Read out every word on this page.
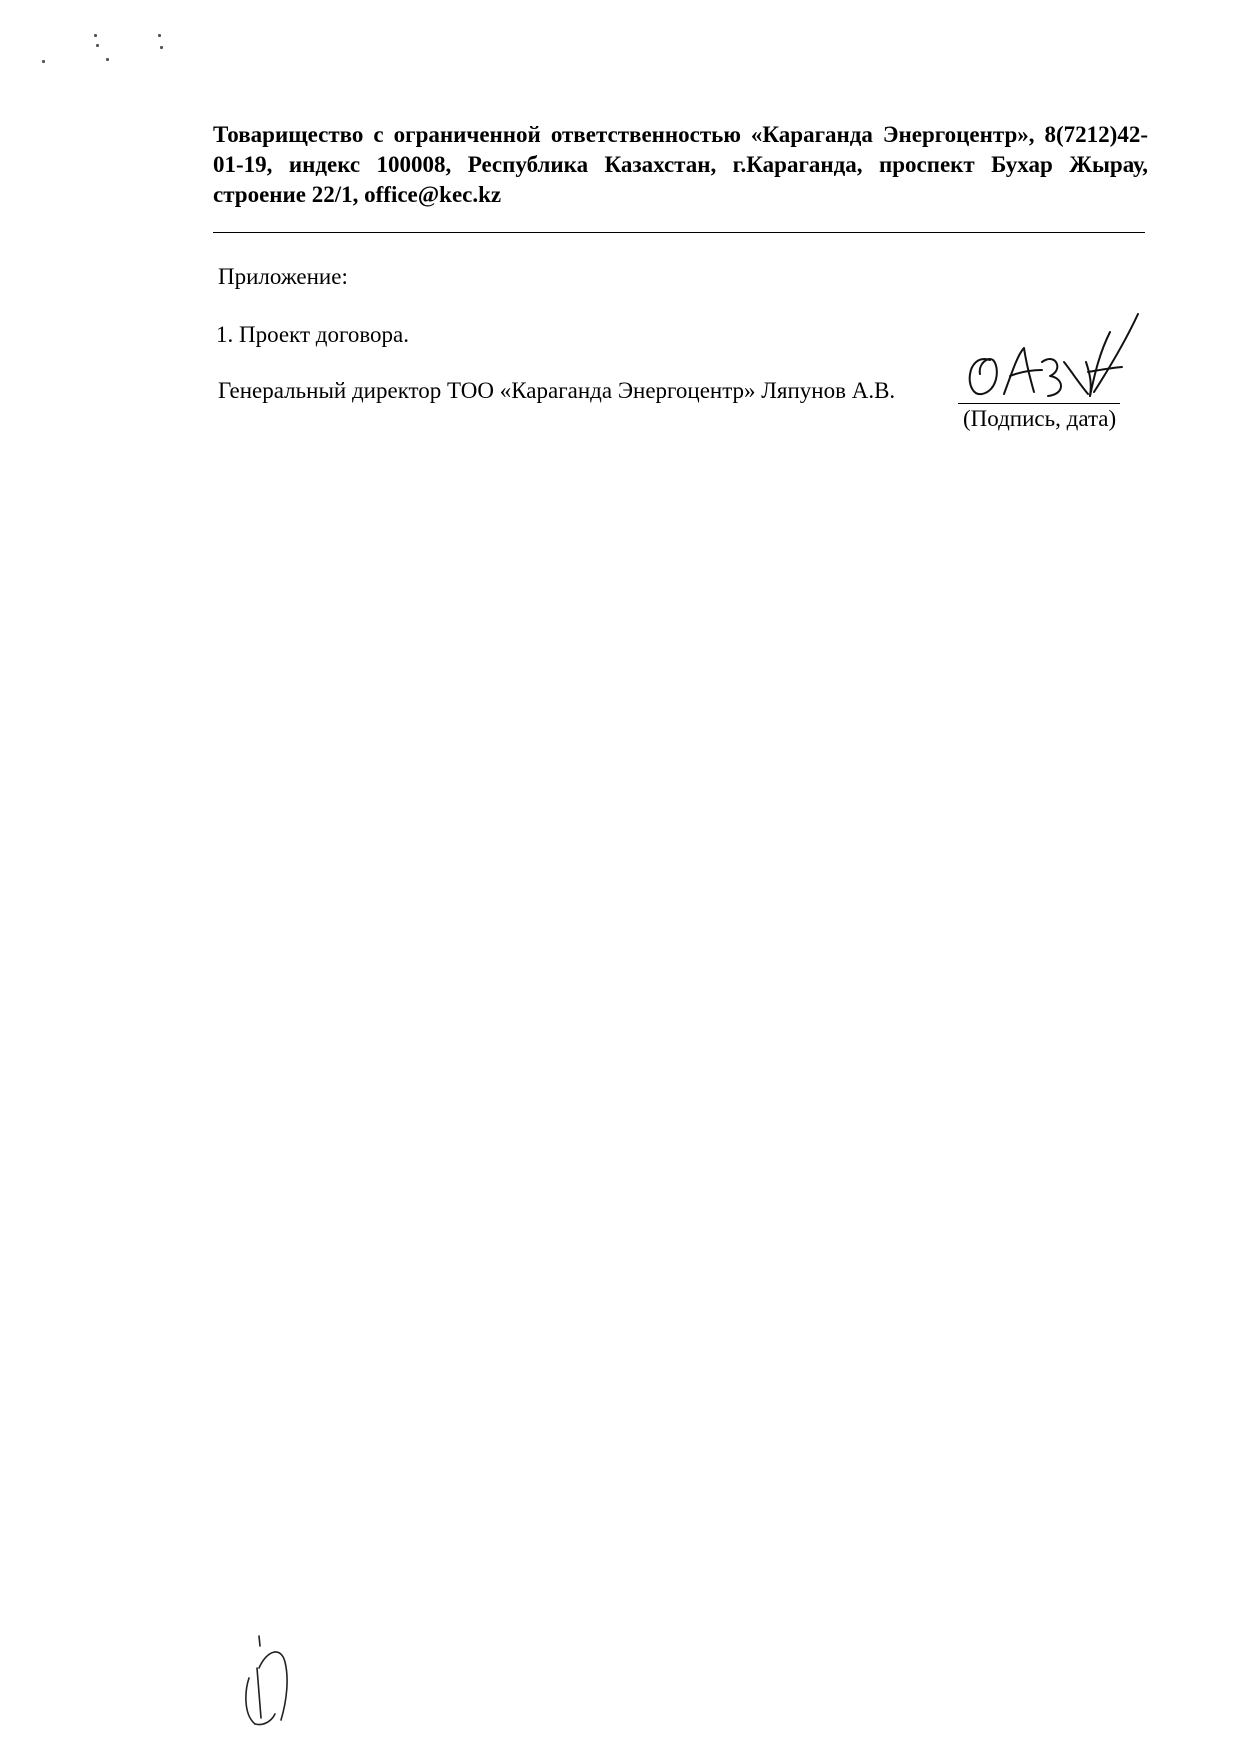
Товарищество с ограниченной ответственностью «Караганда Энергоцентр», 8(7212)42-01-19, индекс 100008, Республика Казахстан, г.Караганда, проспект Бухар Жырау, строение 22/1, office@kec.kz
Приложение:
1. Проект договора.
Генеральный директор ТОО «Караганда Энергоцентр» Ляпунов А.В.
(Подпись, дата)
